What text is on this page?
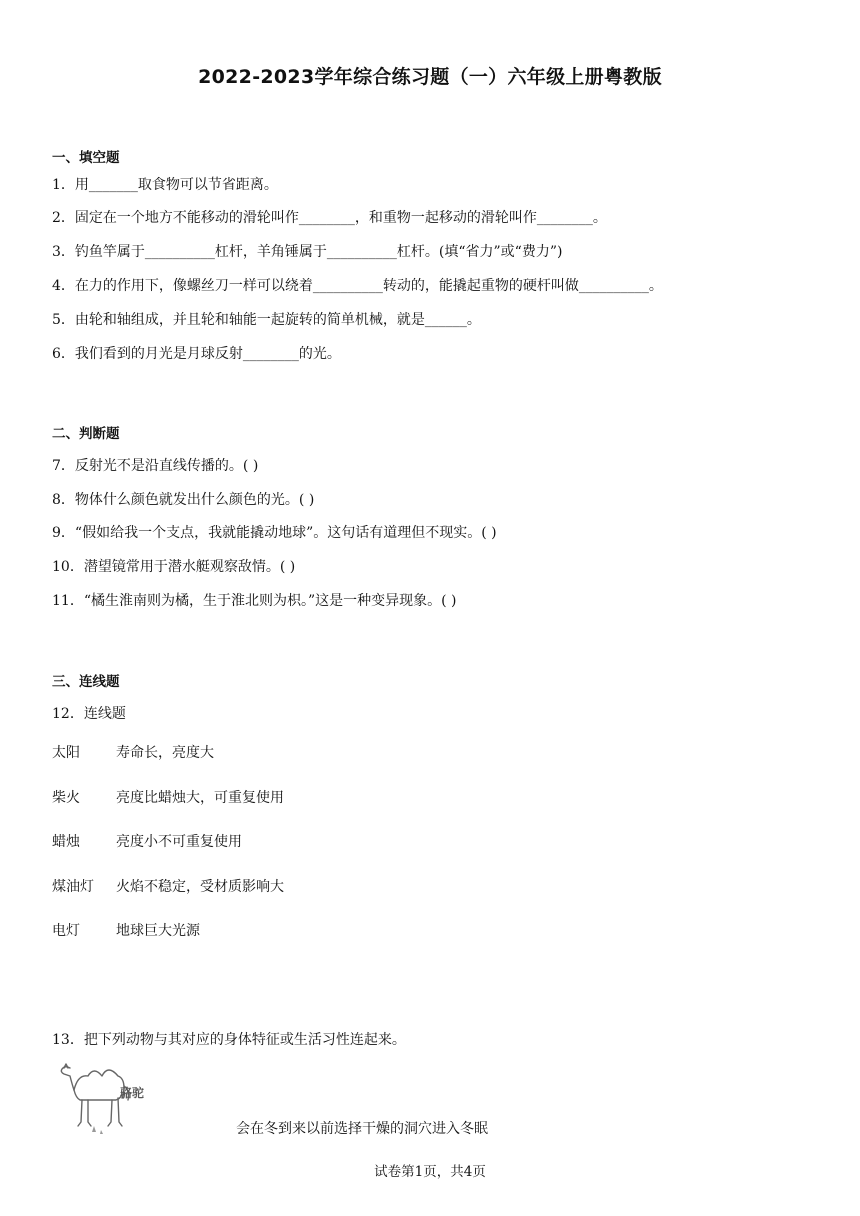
2022-2023学年综合练习题（一）六年级上册粤教版
一、填空题
1．用_______取食物可以节省距离。
2．固定在一个地方不能移动的滑轮叫作________，和重物一起移动的滑轮叫作________。
3．钓鱼竿属于__________杠杆，羊角锤属于__________杠杆。(填“省力”或“费力”)
4．在力的作用下，像螺丝刀一样可以绕着__________转动的，能撬起重物的硬杆叫做__________。
5．由轮和轴组成，并且轮和轴能一起旋转的简单机械，就是______。
6．我们看到的月光是月球反射________的光。
二、判断题
7．反射光不是沿直线传播的。( )
8．物体什么颜色就发出什么颜色的光。( )
9．“假如给我一个支点，我就能撬动地球”。这句话有道理但不现实。( )
10．潜望镜常用于潜水艇观察敌情。( )
11．“橘生淮南则为橘，生于淮北则为枳。”这是一种变异现象。( )
三、连线题
12．连线题
太阳	寿命长，亮度大
柴火	亮度比蜡烛大，可重复使用
蜡烛	亮度小不可重复使用
煤油灯 火焰不稳定，受材质影响大
电灯	地球巨大光源
13．把下列动物与其对应的身体特征或生活习性连起来。
骆驼
会在冬到来以前选择干燥的洞穴进入冬眠
试卷第1页，共4页
